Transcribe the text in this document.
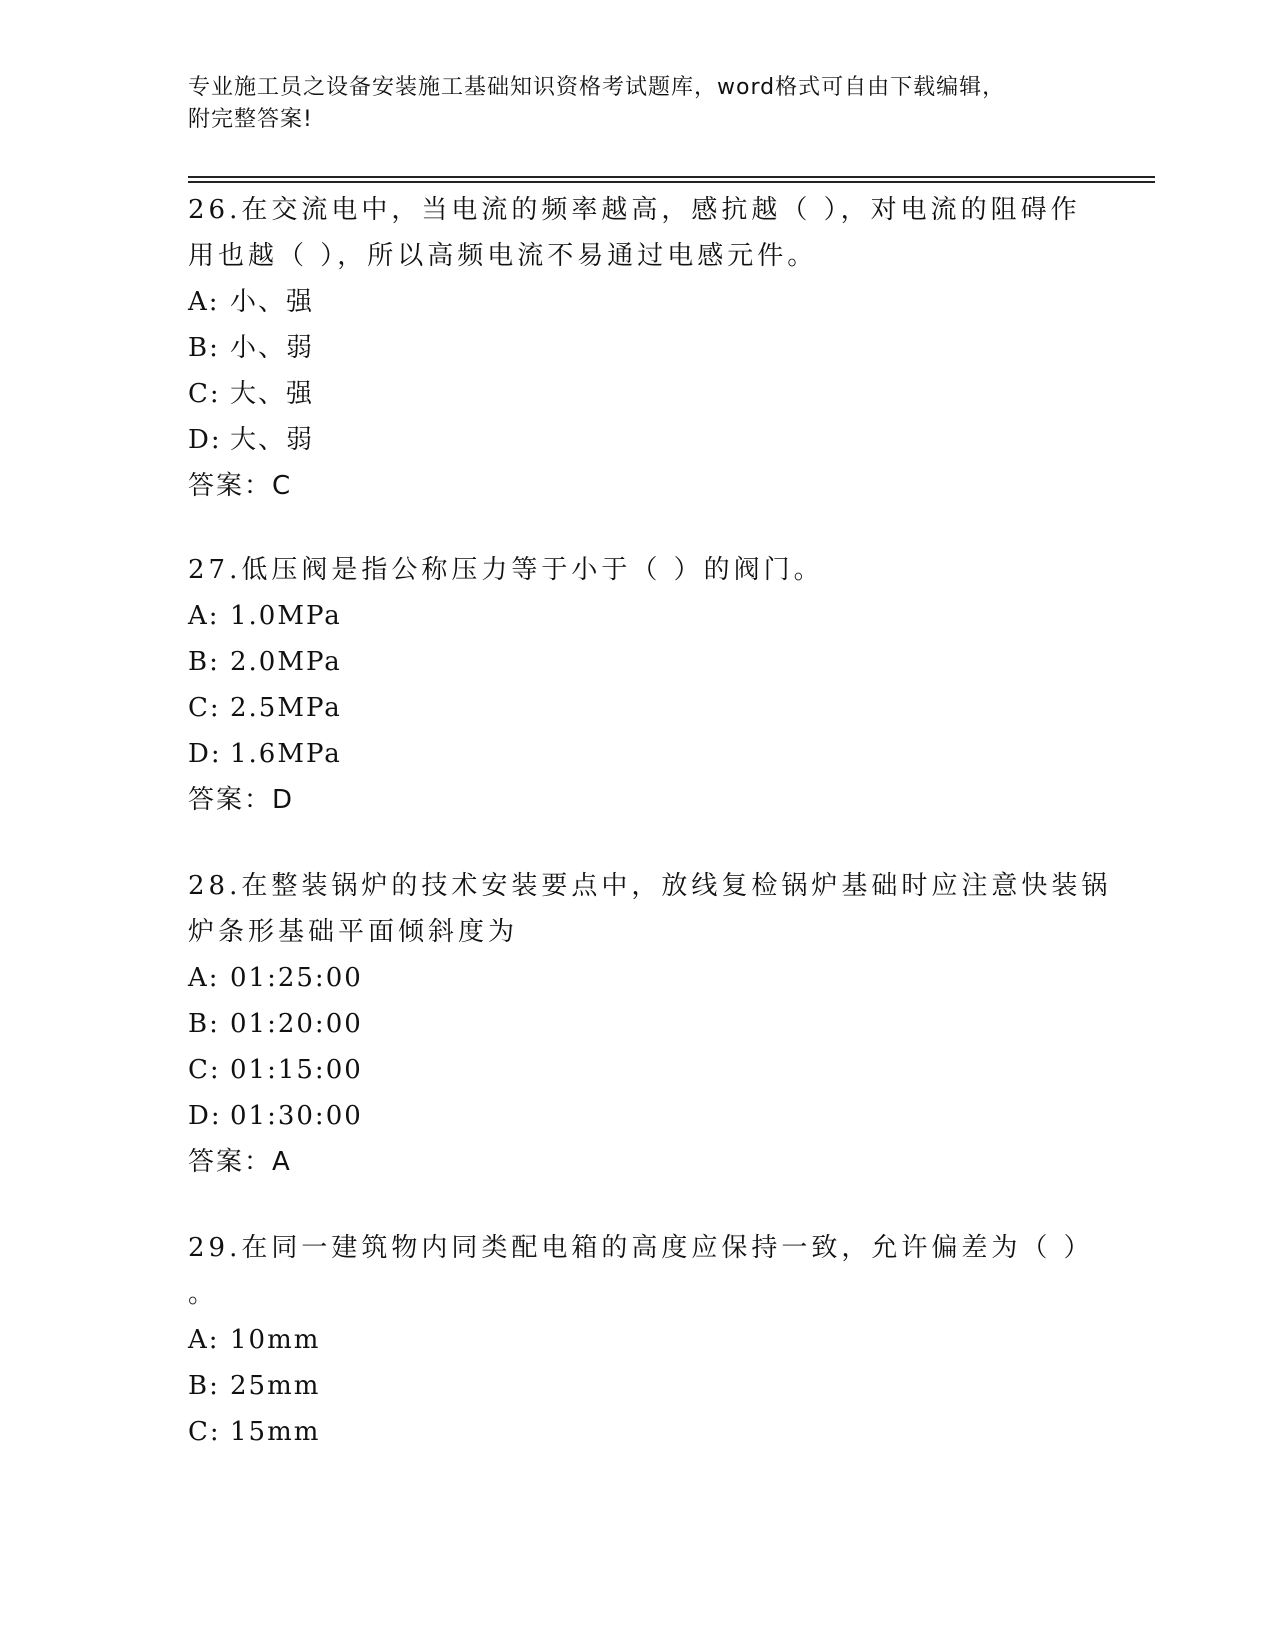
专业施工员之设备安装施工基础知识资格考试题库，word格式可自由下载编辑，
附完整答案!
26.在交流电中，当电流的频率越高，感抗越（ ），对电流的阻碍作
用也越（ ），所以高频电流不易通过电感元件。
A: 小、强
B: 小、弱
C: 大、强
D: 大、弱
答案：C
27.低压阀是指公称压力等于小于（ ）的阀门。
A: 1.0MPa
B: 2.0MPa
C: 2.5MPa
D: 1.6MPa
答案：D
28.在整装锅炉的技术安装要点中，放线复检锅炉基础时应注意快装锅
炉条形基础平面倾斜度为
A: 01:25:00
B: 01:20:00
C: 01:15:00
D: 01:30:00
答案：A
29.在同一建筑物内同类配电箱的高度应保持一致，允许偏差为（ ）
。
A: 10mm
B: 25mm
C: 15mm
